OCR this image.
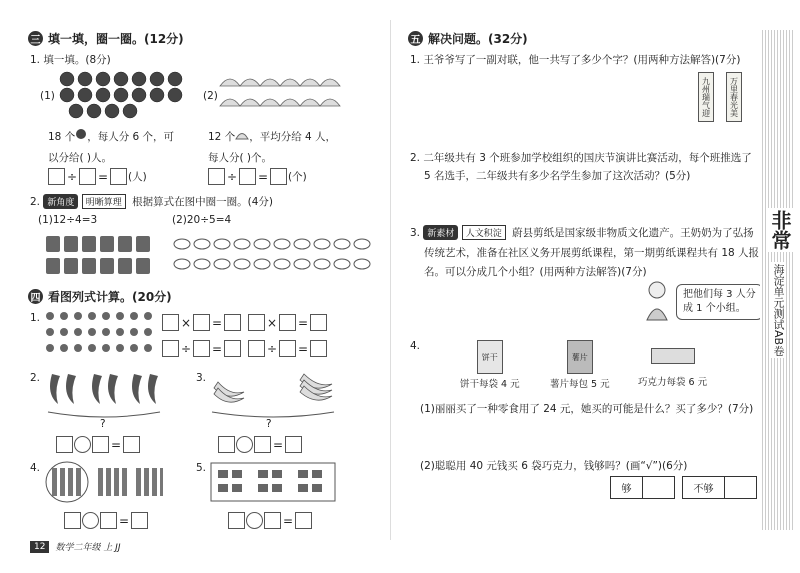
三 填一填，圈一圈。(12分)
1. 填一填。(8分)
(1)
18 个 ，每人分 6 个，可
以分给( )人。
÷ = (人)
(2)
12 个 ，平均分给 4 人，
每人分( )个。
÷ = (个)
2. 新角度 明晰算理 根据算式在图中圈一圈。(4分)
(1)12÷4=3	(2)20÷5=4
四 看图列式计算。(20分)
1.	× =	× =
÷ =	÷ =
2.
?
=
3.
?
=
4.
=
5.
=
12	数学二年级 上 JJ
五 解决问题。(32分)
1. 王爷爷写了一副对联，他一共写了多少个字？(用两种方法解答)(7分)
九州瑞气迎	万里春光美
2. 二年级共有 3 个班参加学校组织的国庆节演讲比赛活动，每个班推选了
5 名选手，二年级共有多少名学生参加了这次活动？(5分)
3. 新素材 人文积淀 蔚县剪纸是国家级非物质文化遗产。王奶奶为了弘扬
传统艺术，准备在社区义务开展剪纸课程，第一期剪纸课程共有 18 人报
名。可以分成几个小组？(用两种方法解答)(7分)
把他们每 3 人分
成 1 个小组。
4.
饼干
饼干每袋 4 元
薯片
薯片每包 5 元	巧克力每袋 6 元
(1)丽丽买了一种零食用了 24 元，她买的可能是什么？买了多少？(7分)
(2)聪聪用 40 元钱买 6 袋巧克力，钱够吗？(画“√”)(6分)
够			不够	
非常
海淀单元测试AB卷
